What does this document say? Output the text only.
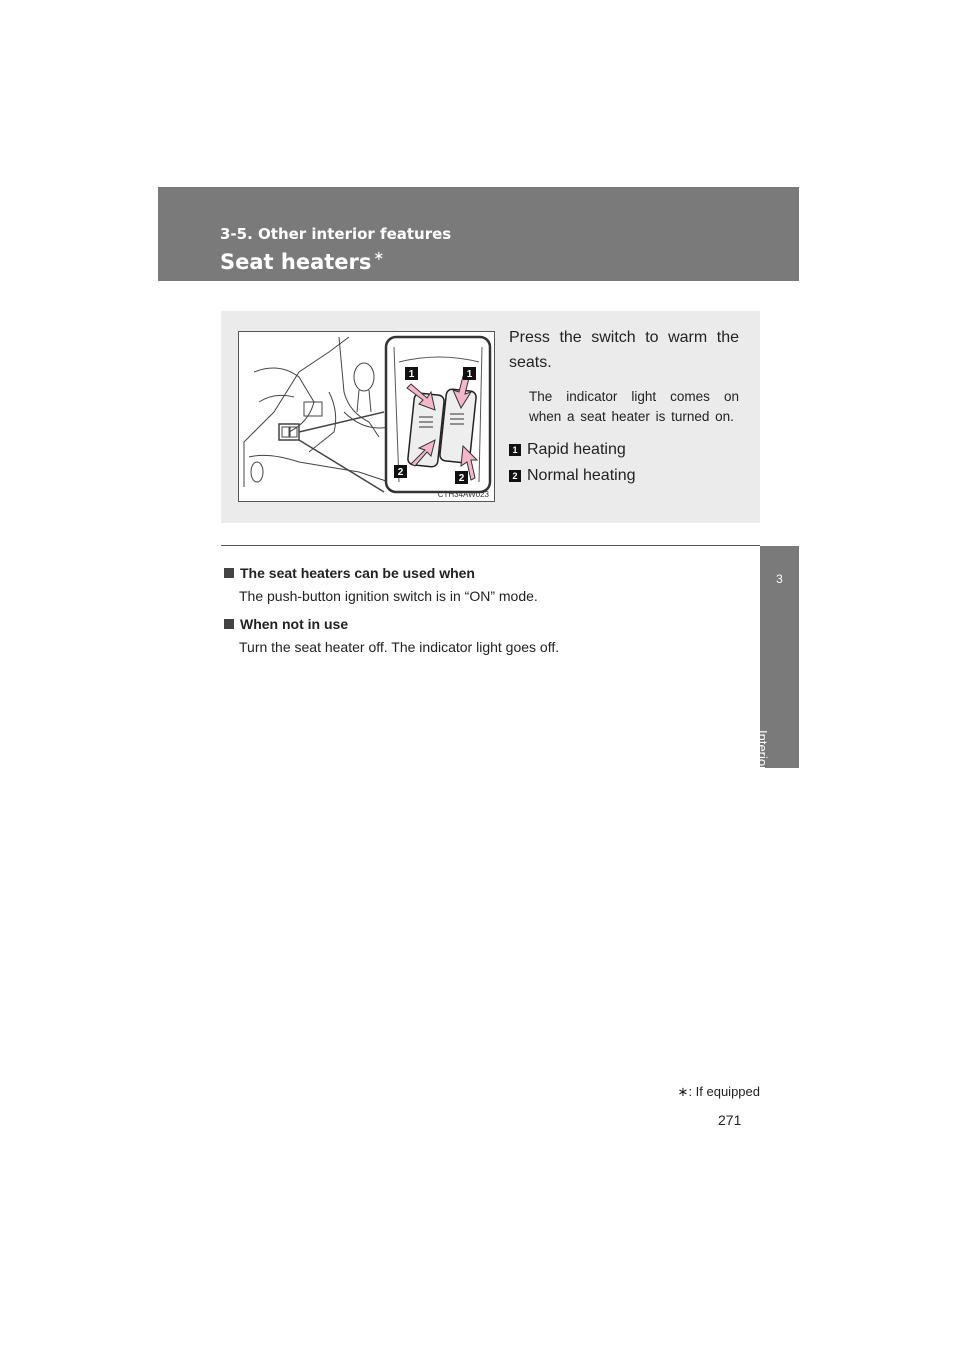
3-5. Other interior features
Seat heaters ∗
3
Interior features
1	1
2
2
CTH34AW023

Press the switch to warm the seats.

The indicator light comes on when a seat heater is turned on.

1 Rapid heating
2 Normal heating
The seat heaters can be used when
The push-button ignition switch is in “ON” mode.
When not in use
Turn the seat heater off. The indicator light goes off.
∗: If equipped
271
